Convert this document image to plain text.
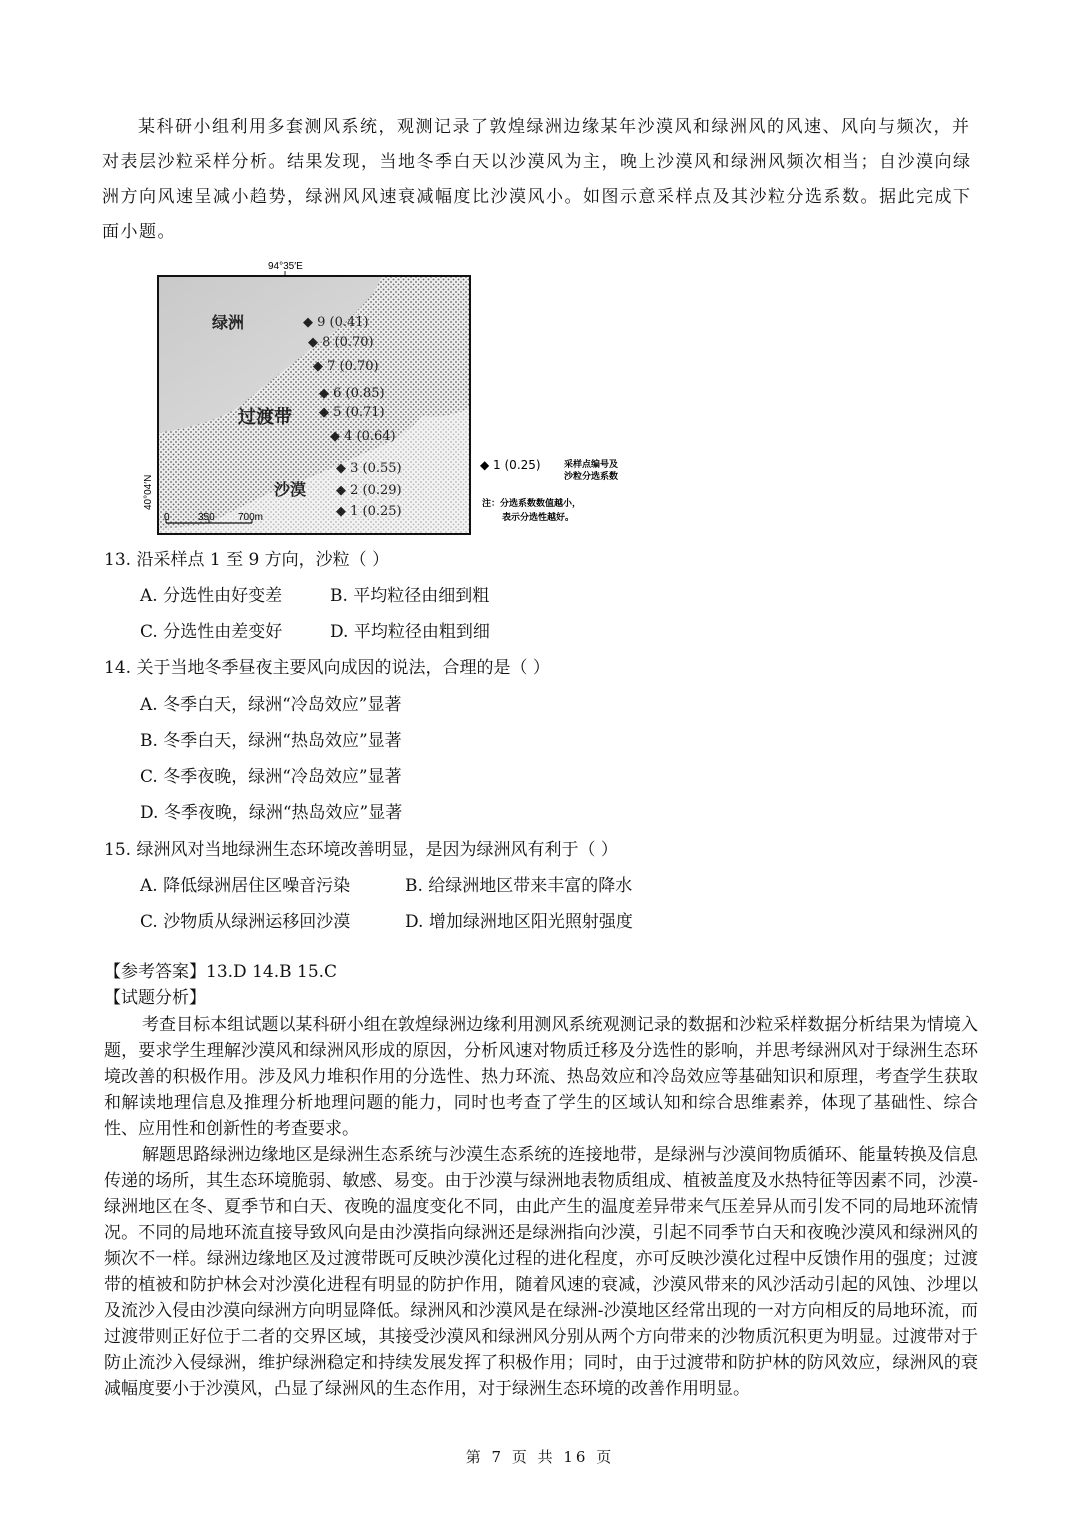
某科研小组利用多套测风系统，观测记录了敦煌绿洲边缘某年沙漠风和绿洲风的风速、风向与频次，并对表层沙粒采样分析。结果发现，当地冬季白天以沙漠风为主，晚上沙漠风和绿洲风频次相当；自沙漠向绿洲方向风速呈减小趋势，绿洲风风速衰减幅度比沙漠风小。如图示意采样点及其沙粒分选系数。据此完成下面小题。

94°35′E
绿洲
过渡带
沙漠
◆ 9 (0.41)
◆ 8 (0.70)
◆ 7 (0.70)
◆ 6 (0.85)
◆ 5 (0.71)
◆ 4 (0.64)
◆ 3 (0.55)
◆ 2 (0.29)
◆ 1 (0.25)
0	350 700m
40°04′N
◆ 1 (0.25)	采样点编号及
沙粒分选系数
注：分选系数数值越小，
表示分选性越好。
13. 沿采样点 1 至 9 方向，沙粒（ ）
A. 分选性由好变差	B. 平均粒径由细到粗
C. 分选性由差变好	D. 平均粒径由粗到细
14. 关于当地冬季昼夜主要风向成因的说法，合理的是（ ）
A. 冬季白天，绿洲“冷岛效应”显著
B. 冬季白天，绿洲“热岛效应”显著
C. 冬季夜晚，绿洲“冷岛效应”显著
D. 冬季夜晚，绿洲“热岛效应”显著
15. 绿洲风对当地绿洲生态环境改善明显，是因为绿洲风有利于（ ）
A. 降低绿洲居住区噪音污染	B. 给绿洲地区带来丰富的降水
C. 沙物质从绿洲运移回沙漠	D. 增加绿洲地区阳光照射强度
【参考答案】13.D 14.B 15.C
【试题分析】

考查目标本组试题以某科研小组在敦煌绿洲边缘利用测风系统观测记录的数据和沙粒采样数据分析结果为情境入题，要求学生理解沙漠风和绿洲风形成的原因，分析风速对物质迁移及分选性的影响，并思考绿洲风对于绿洲生态环境改善的积极作用。涉及风力堆积作用的分选性、热力环流、热岛效应和冷岛效应等基础知识和原理，考查学生获取和解读地理信息及推理分析地理问题的能力，同时也考查了学生的区域认知和综合思维素养，体现了基础性、综合性、应用性和创新性的考查要求。

解题思路绿洲边缘地区是绿洲生态系统与沙漠生态系统的连接地带，是绿洲与沙漠间物质循环、能量转换及信息传递的场所，其生态环境脆弱、敏感、易变。由于沙漠与绿洲地表物质组成、植被盖度及水热特征等因素不同，沙漠-绿洲地区在冬、夏季节和白天、夜晚的温度变化不同，由此产生的温度差异带来气压差异从而引发不同的局地环流情况。不同的局地环流直接导致风向是由沙漠指向绿洲还是绿洲指向沙漠，引起不同季节白天和夜晚沙漠风和绿洲风的频次不一样。绿洲边缘地区及过渡带既可反映沙漠化过程的进化程度，亦可反映沙漠化过程中反馈作用的强度；过渡带的植被和防护林会对沙漠化进程有明显的防护作用，随着风速的衰减，沙漠风带来的风沙活动引起的风蚀、沙埋以及流沙入侵由沙漠向绿洲方向明显降低。绿洲风和沙漠风是在绿洲-沙漠地区经常出现的一对方向相反的局地环流，而过渡带则正好位于二者的交界区域，其接受沙漠风和绿洲风分别从两个方向带来的沙物质沉积更为明显。过渡带对于防止流沙入侵绿洲，维护绿洲稳定和持续发展发挥了积极作用；同时，由于过渡带和防护林的防风效应，绿洲风的衰减幅度要小于沙漠风，凸显了绿洲风的生态作用，对于绿洲生态环境的改善作用明显。

第 7 页 共 16 页
